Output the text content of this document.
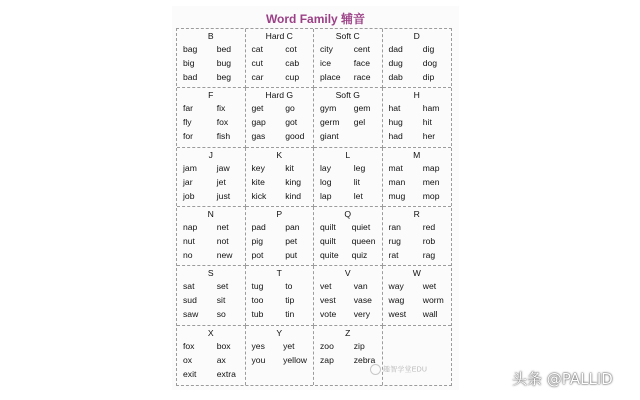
Word Family 辅音
B
bag	bed
big	bug
bad	beg
Hard C
cat	cot
cut	cab
car	cup
Soft C
city	cent
ice	face
place	race
D
dad	dig
dug	dog
dab	dip
F
far	fix
fly	fox
for	fish
Hard G
get	go
gap	got
gas	good
Soft G
gym	gem
germ	gel
giant
H
hat	ham
hug	hit
had	her
J
jam	jaw
jar	jet
job	just
K
key	kit
kite	king
kick	kind
L
lay	leg
log	lit
lap	let
M
mat	map
man	men
mug	mop
N
nap	net
nut	not
no	new
P
pad	pan
pig	pet
pot	put
Q
quilt	quiet
quilt	queen
quite	quiz
R
ran	red
rug	rob
rat	rag
S
sat	set
sud	sit
saw	so
T
tug	to
too	tip
tub	tin
V
vet	van
vest	vase
vote	very
W
way	wet
wag	worm
west	wall
X
fox	box
ox	ax
exit	extra
Y
yes	yet
you	yellow
Z
zoo	zip
zap	zebra
趣智学堂EDU
头条 @PALLID
